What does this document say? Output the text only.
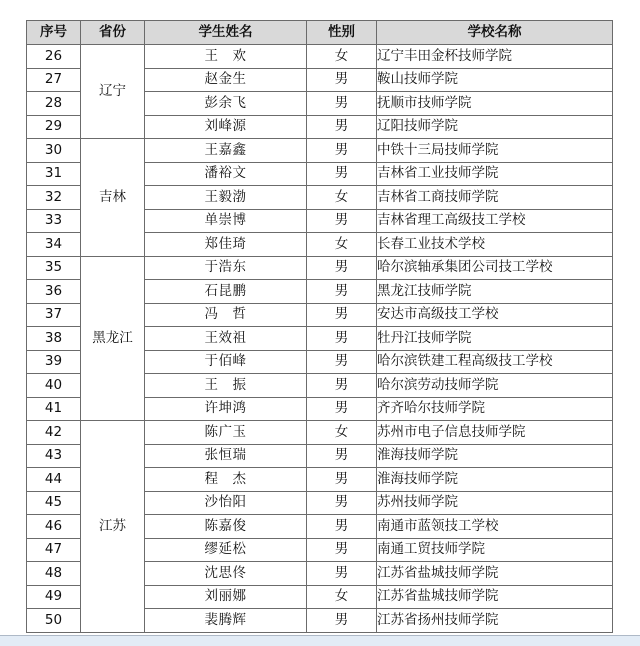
序号	省份	学生姓名	性别	学校名称
26	辽宁	王　欢	女	辽宁丰田金杯技师学院
27		赵金生	男	鞍山技师学院
28		彭余飞	男	抚顺市技师学院
29		刘峰源	男	辽阳技师学院
30	吉林	王嘉鑫	男	中铁十三局技师学院
31		潘裕文	男	吉林省工业技师学院
32		王毅渤	女	吉林省工商技师学院
33		单崇博	男	吉林省理工高级技工学校
34		郑佳琦	女	长春工业技术学校
35	黑龙江	于浩东	男	哈尔滨轴承集团公司技工学校
36		石昆鹏	男	黑龙江技师学院
37		冯　哲	男	安达市高级技工学校
38		王效祖	男	牡丹江技师学院
39		于佰峰	男	哈尔滨铁建工程高级技工学校
40		王　振	男	哈尔滨劳动技师学院
41		许坤鸿	男	齐齐哈尔技师学院
42	江苏	陈广玉	女	苏州市电子信息技师学院
43		张恒瑞	男	淮海技师学院
44		程　杰	男	淮海技师学院
45		沙怡阳	男	苏州技师学院
46		陈嘉俊	男	南通市蓝领技工学校
47		缪延松	男	南通工贸技师学院
48		沈思佟	男	江苏省盐城技师学院
49		刘丽娜	女	江苏省盐城技师学院
50		裴腾辉	男	江苏省扬州技师学院
